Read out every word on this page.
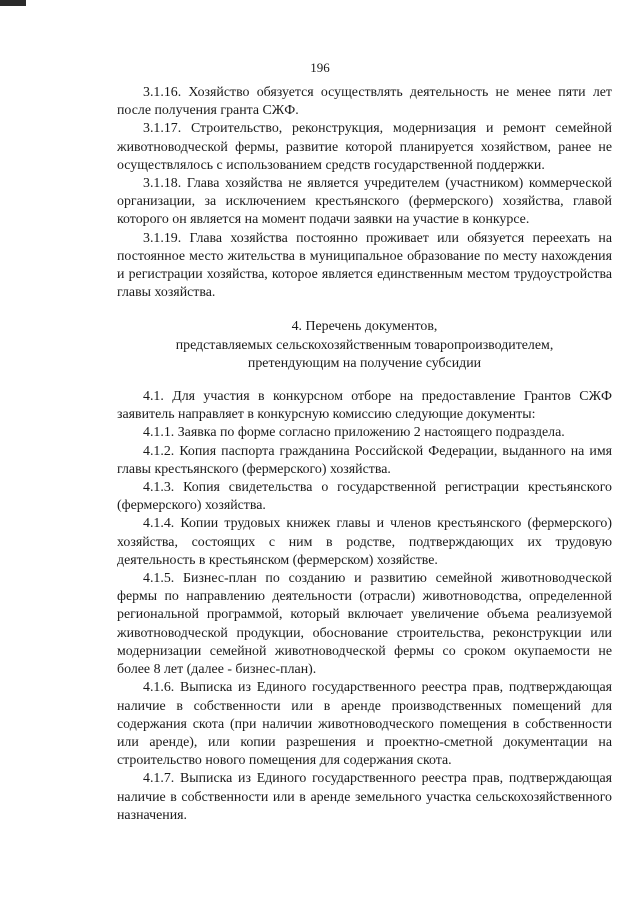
196

3.1.16. Хозяйство обязуется осуществлять деятельность не менее пяти лет после получения гранта СЖФ.

3.1.17. Строительство, реконструкция, модернизация и ремонт семейной животноводческой фермы, развитие которой планируется хозяйством, ранее не осуществлялось с использованием средств государственной поддержки.

3.1.18. Глава хозяйства не является учредителем (участником) коммерческой организации, за исключением крестьянского (фермерского) хозяйства, главой которого он является на момент подачи заявки на участие в конкурсе.

3.1.19. Глава хозяйства постоянно проживает или обязуется переехать на постоянное место жительства в муниципальное образование по месту нахождения и регистрации хозяйства, которое является единственным местом трудоустройства главы хозяйства.

4. Перечень документов,
представляемых сельскохозяйственным товаропроизводителем,
претендующим на получение субсидии

4.1. Для участия в конкурсном отборе на предоставление Грантов СЖФ заявитель направляет в конкурсную комиссию следующие документы:

4.1.1. Заявка по форме согласно приложению 2 настоящего подраздела.

4.1.2. Копия паспорта гражданина Российской Федерации, выданного на имя главы крестьянского (фермерского) хозяйства.

4.1.3. Копия свидетельства о государственной регистрации крестьянского (фермерского) хозяйства.

4.1.4. Копии трудовых книжек главы и членов крестьянского (фермерского) хозяйства, состоящих с ним в родстве, подтверждающих их трудовую деятельность в крестьянском (фермерском) хозяйстве.

4.1.5. Бизнес-план по созданию и развитию семейной животноводческой фермы по направлению деятельности (отрасли) животноводства, определенной региональной программой, который включает увеличение объема реализуемой животноводческой продукции, обоснование строительства, реконструкции или модернизации семейной животноводческой фермы со сроком окупаемости не более 8 лет (далее - бизнес-план).

4.1.6. Выписка из Единого государственного реестра прав, подтверждающая наличие в собственности или в аренде производственных помещений для содержания скота (при наличии животноводческого помещения в собственности или аренде), или копии разрешения и проектно-сметной документации на строительство нового помещения для содержания скота.

4.1.7. Выписка из Единого государственного реестра прав, подтверждающая наличие в собственности или в аренде земельного участка сельскохозяйственного назначения.
